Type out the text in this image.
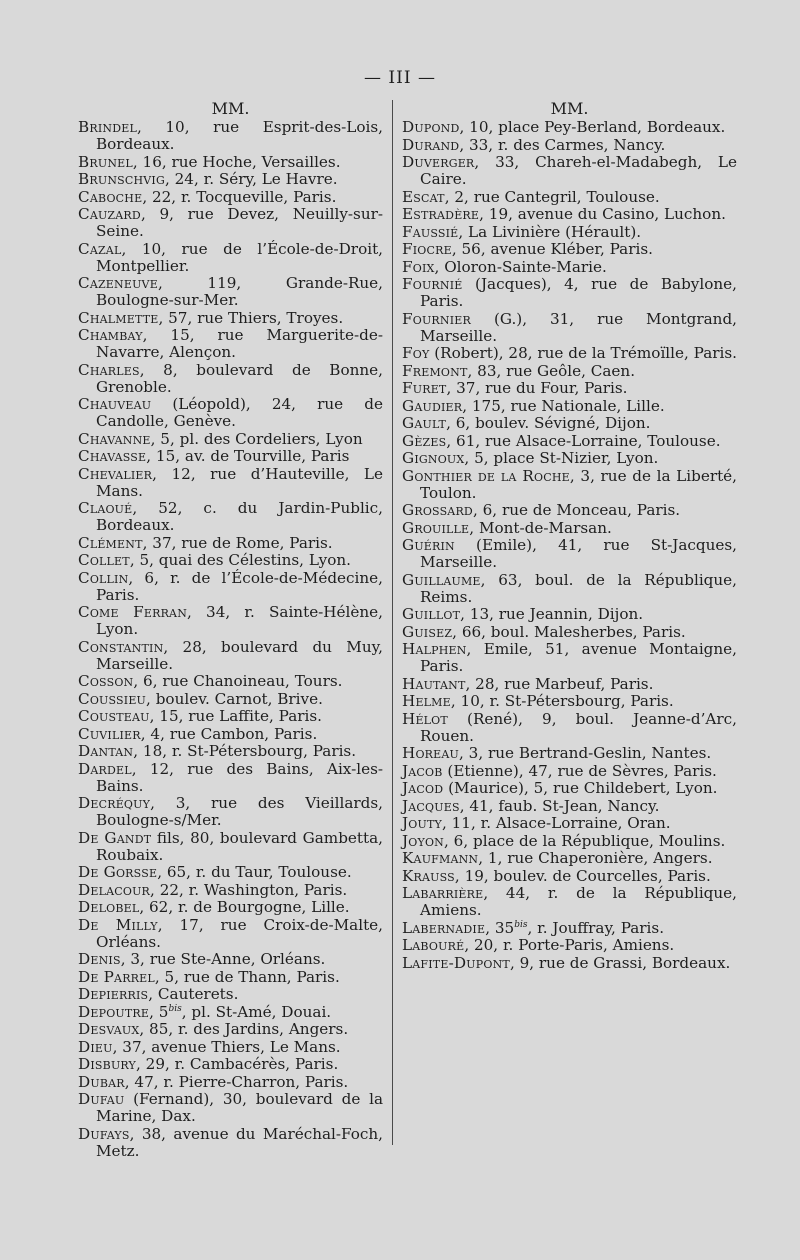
— III —
MM.

Brindel, 10, rue Esprit-des-Lois, Bordeaux.

Brunel, 16, rue Hoche, Versailles.

Brunschvig, 24, r. Séry, Le Havre.

Caboche, 22, r. Tocqueville, Paris.

Cauzard, 9, rue Devez, Neuilly-sur-Seine.

Cazal, 10, rue de l’École-de-Droit, Montpellier.

Cazeneuve, 119, Grande-Rue, Boulogne-sur-Mer.

Chalmette, 57, rue Thiers, Troyes.

Chambay, 15, rue Marguerite-de-Navarre, Alençon.

Charles, 8, boulevard de Bonne, Grenoble.

Chauveau (Léopold), 24, rue de Candolle, Genève.

Chavanne, 5, pl. des Cordeliers, Lyon

Chavasse, 15, av. de Tourville, Paris

Chevalier, 12, rue d’Hauteville, Le Mans.

Claoué, 52, c. du Jardin-Public, Bordeaux.

Clément, 37, rue de Rome, Paris.

Collet, 5, quai des Célestins, Lyon.

Collin, 6, r. de l’École-de-Médecine, Paris.

Come Ferran, 34, r. Sainte-Hélène, Lyon.

Constantin, 28, boulevard du Muy, Marseille.

Cosson, 6, rue Chanoineau, Tours.

Coussieu, boulev. Carnot, Brive.

Cousteau, 15, rue Laffite, Paris.

Cuvilier, 4, rue Cambon, Paris.

Dantan, 18, r. St-Pétersbourg, Paris.

Dardel, 12, rue des Bains, Aix-les-Bains.

Decréquy, 3, rue des Vieillards, Boulogne-s/Mer.

De Gandt fils, 80, boulevard Gambetta, Roubaix.

De Gorsse, 65, r. du Taur, Toulouse.

Delacour, 22, r. Washington, Paris.

Delobel, 62, r. de Bourgogne, Lille.

De Milly, 17, rue Croix-de-Malte, Orléans.

Denis, 3, rue Ste-Anne, Orléans.

De Parrel, 5, rue de Thann, Paris.

Depierris, Cauterets.

Depoutre, $5^{bis}$, pl. St-Amé, Douai.

Desvaux, 85, r. des Jardins, Angers.

Dieu, 37, avenue Thiers, Le Mans.

Disbury, 29, r. Cambacérès, Paris.

Dubar, 47, r. Pierre-Charron, Paris.

Dufau (Fernand), 30, boulevard de la Marine, Dax.

Dufays, 38, avenue du Maréchal-Foch, Metz.

MM.

Dupond, 10, place Pey-Berland, Bordeaux.

Durand, 33, r. des Carmes, Nancy.

Duverger, 33, Chareh-el-Madabegh, Le Caire.

Escat, 2, rue Cantegril, Toulouse.

Estradère, 19, avenue du Casino, Luchon.

Faussié, La Livinière (Hérault).

Fiocre, 56, avenue Kléber, Paris.

Foix, Oloron-Sainte-Marie.

Fournié (Jacques), 4, rue de Babylone, Paris.

Fournier (G.), 31, rue Montgrand, Marseille.

Foy (Robert), 28, rue de la Trémoïlle, Paris.

Fremont, 83, rue Geôle, Caen.

Furet, 37, rue du Four, Paris.

Gaudier, 175, rue Nationale, Lille.

Gault, 6, boulev. Sévigné, Dijon.

Gèzes, 61, rue Alsace-Lorraine, Toulouse.

Gignoux, 5, place St-Nizier, Lyon.

Gonthier de la Roche, 3, rue de la Liberté, Toulon.

Grossard, 6, rue de Monceau, Paris.

Grouille, Mont-de-Marsan.

Guérin (Emile), 41, rue St-Jacques, Marseille.

Guillaume, 63, boul. de la République, Reims.

Guillot, 13, rue Jeannin, Dijon.

Guisez, 66, boul. Malesherbes, Paris.

Halphen, Emile, 51, avenue Montaigne, Paris.

Hautant, 28, rue Marbeuf, Paris.

Helme, 10, r. St-Pétersbourg, Paris.

Hélot (René), 9, boul. Jeanne-d’Arc, Rouen.

Horeau, 3, rue Bertrand-Geslin, Nantes.

Jacob (Etienne), 47, rue de Sèvres, Paris.

Jacod (Maurice), 5, rue Childebert, Lyon.

Jacques, 41, faub. St-Jean, Nancy.

Jouty, 11, r. Alsace-Lorraine, Oran.

Joyon, 6, place de la République, Moulins.

Kaufmann, 1, rue Chaperonière, Angers.

Krauss, 19, boulev. de Courcelles, Paris.

Labarrière, 44, r. de la République, Amiens.

Labernadie, $35^{bis}$, r. Jouffray, Paris.

Labouré, 20, r. Porte-Paris, Amiens.

Lafite-Dupont, 9, rue de Grassi, Bordeaux.
